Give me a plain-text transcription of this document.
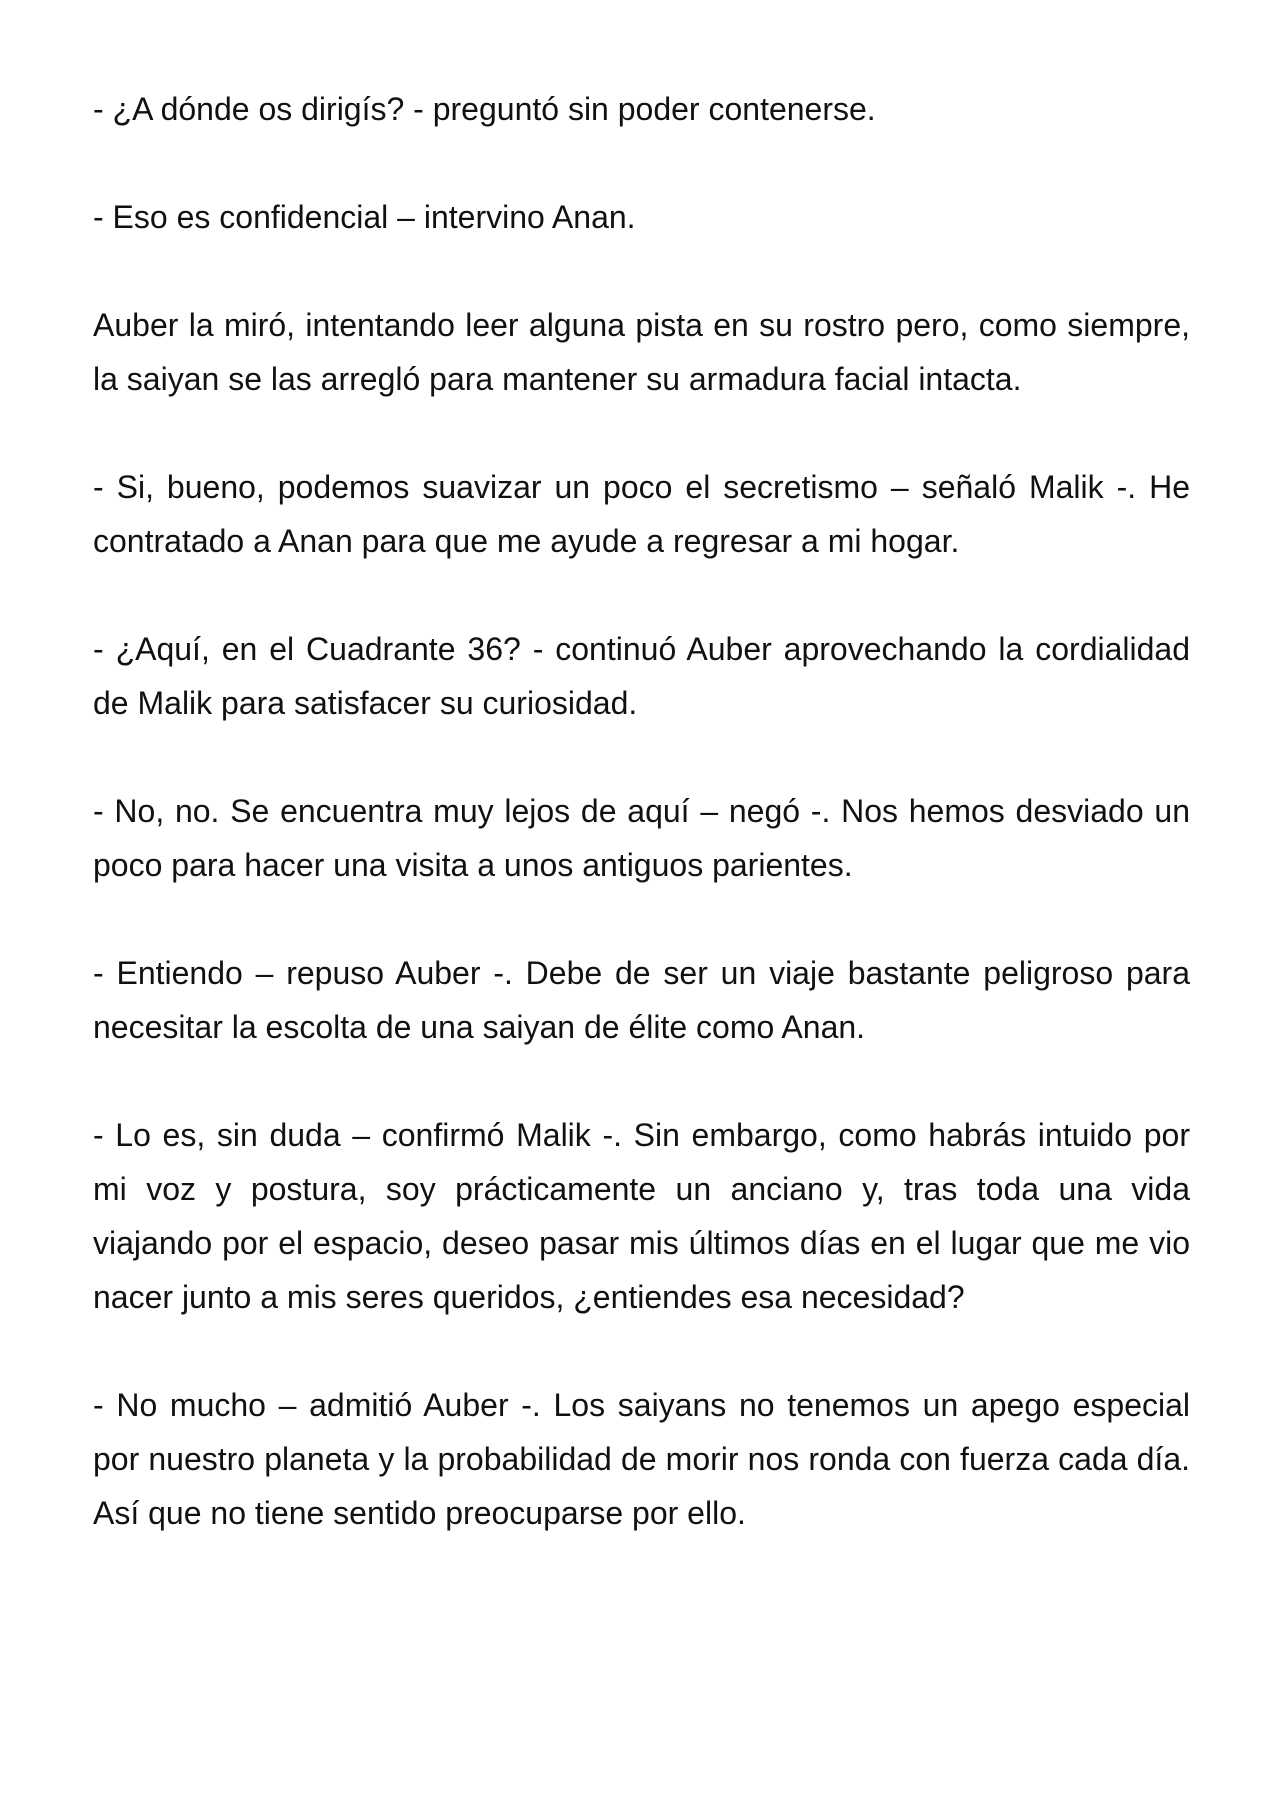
- ¿A dónde os dirigís? - preguntó sin poder contenerse.

- Eso es confidencial – intervino Anan.

Auber la miró, intentando leer alguna pista en su rostro pero, como siempre, la saiyan se las arregló para mantener su armadura facial intacta.

- Si, bueno, podemos suavizar un poco el secretismo – señaló Malik -. He contratado a Anan para que me ayude a regresar a mi hogar.

- ¿Aquí, en el Cuadrante 36? - continuó Auber aprovechando la cordialidad de Malik para satisfacer su curiosidad.

- No, no. Se encuentra muy lejos de aquí – negó -. Nos hemos desviado un poco para hacer una visita a unos antiguos parientes.

- Entiendo – repuso Auber -. Debe de ser un viaje bastante peligroso para necesitar la escolta de una saiyan de élite como Anan.

- Lo es, sin duda – confirmó Malik -. Sin embargo, como habrás intuido por mi voz y postura, soy prácticamente un anciano y, tras toda una vida viajando por el espacio, deseo pasar mis últimos días en el lugar que me vio nacer junto a mis seres queridos, ¿entiendes esa necesidad?

- No mucho – admitió Auber -. Los saiyans no tenemos un apego especial por nuestro planeta y la probabilidad de morir nos ronda con fuerza cada día. Así que no tiene sentido preocuparse por ello.
